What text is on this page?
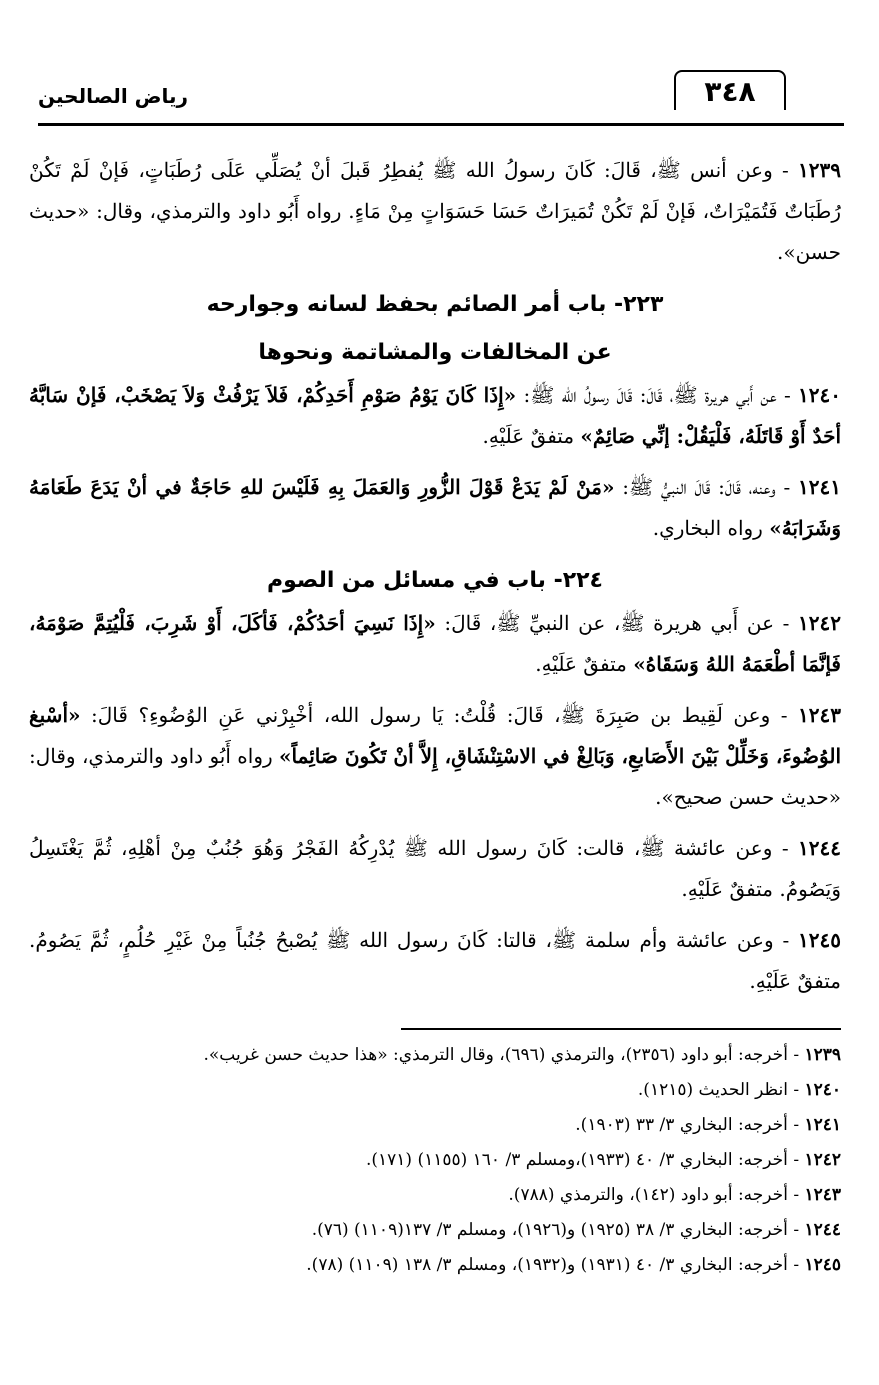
٣٤٨
رياض الصالحين

١٢٣٩ - وعن أنس ﷺ، قَالَ: كَانَ رسولُ الله ﷺ يُفطِرُ قَبلَ أنْ يُصَلِّي عَلَى رُطَبَاتٍ، فَإنْ لَمْ تَكُنْ رُطَبَاتٌ فَتُمَيْرَاتٌ، فَإنْ لَمْ تَكُنْ تُمَيرَاتٌ حَسَا حَسَوَاتٍ مِنْ مَاءٍ. رواه أَبُو داود والترمذي، وقال: «حديث حسن».

٢٢٣- باب أمر الصائم بحفظ لسانه وجوارحه
عن المخالفات والمشاتمة ونحوها

١٢٤٠ - عن أَبي هريرة ﷺ، قَالَ: قَالَ رسولُ الله ﷺ: «إِذَا كَانَ يَوْمُ صَوْمِ أَحَدِكُمْ، فَلاَ يَرْفُثْ وَلاَ يَصْخَبْ، فَإنْ سَابَّهُ أحَدٌ أَوْ قَاتَلَهُ، فَلْيَقُلْ: إنِّي صَائِمٌ» متفقٌ عَلَيْهِ.

١٢٤١ - وعنه، قَالَ: قَالَ النبيُّ ﷺ: «مَنْ لَمْ يَدَعْ قَوْلَ الزُّورِ وَالعَمَلَ بِهِ فَلَيْسَ للهِ حَاجَةٌ في أنْ يَدَعَ طَعَامَهُ وَشَرَابَهُ» رواه البخاري.

٢٢٤- باب في مسائل من الصوم

١٢٤٢ - عن أَبي هريرة ﷺ، عن النبيِّ ﷺ، قَالَ: «إِذَا نَسِيَ أحَدُكُمْ، فَأكَلَ، أَوْ شَرِبَ، فَلْيُتِمَّ صَوْمَهُ، فَإنَّمَا أطْعَمَهُ اللهُ وَسَقَاهُ» متفقٌ عَلَيْهِ.

١٢٤٣ - وعن لَقِيط بن صَبِرَةَ ﷺ، قَالَ: قُلْتُ: يَا رسول الله، أخْبِرْني عَنِ الوُضُوءِ؟ قَالَ: «أسْبغ الوُضُوءَ، وَخَلِّلْ بَيْنَ الأَصَابعِ، وَبَالِغْ في الاسْتِنْشَاقِ، إِلاَّ أنْ تَكُونَ صَائِماً» رواه أَبُو داود والترمذي، وقال: «حديث حسن صحيح».

١٢٤٤ - وعن عائشة ﷺ، قالت: كَانَ رسول الله ﷺ يُدْرِكُهُ الفَجْرُ وَهُوَ جُنُبٌ مِنْ أهْلِهِ، ثُمَّ يَغْتَسِلُ وَيَصُومُ. متفقٌ عَلَيْهِ.

١٢٤٥ - وعن عائشة وأم سلمة ﷺ، قالتا: كَانَ رسول الله ﷺ يُصْبحُ جُنُباً مِنْ غَيْرِ حُلُمٍ، ثُمَّ يَصُومُ. متفقٌ عَلَيْهِ.

١٢٣٩ - أخرجه: أبو داود (٢٣٥٦)، والترمذي (٦٩٦)، وقال الترمذي: «هذا حديث حسن غريب».

١٢٤٠ - انظر الحديث (١٢١٥).

١٢٤١ - أخرجه: البخاري ٣/ ٣٣ (١٩٠٣).

١٢٤٢ - أخرجه: البخاري ٣/ ٤٠ (١٩٣٣)،ومسلم ٣/ ١٦٠ (١١٥٥) (١٧١).

١٢٤٣ - أخرجه: أبو داود (١٤٢)، والترمذي (٧٨٨).

١٢٤٤ - أخرجه: البخاري ٣/ ٣٨ (١٩٢٥) و(١٩٢٦)، ومسلم ٣/ ١٣٧(١١٠٩) (٧٦).

١٢٤٥ - أخرجه: البخاري ٣/ ٤٠ (١٩٣١) و(١٩٣٢)، ومسلم ٣/ ١٣٨ (١١٠٩) (٧٨).
